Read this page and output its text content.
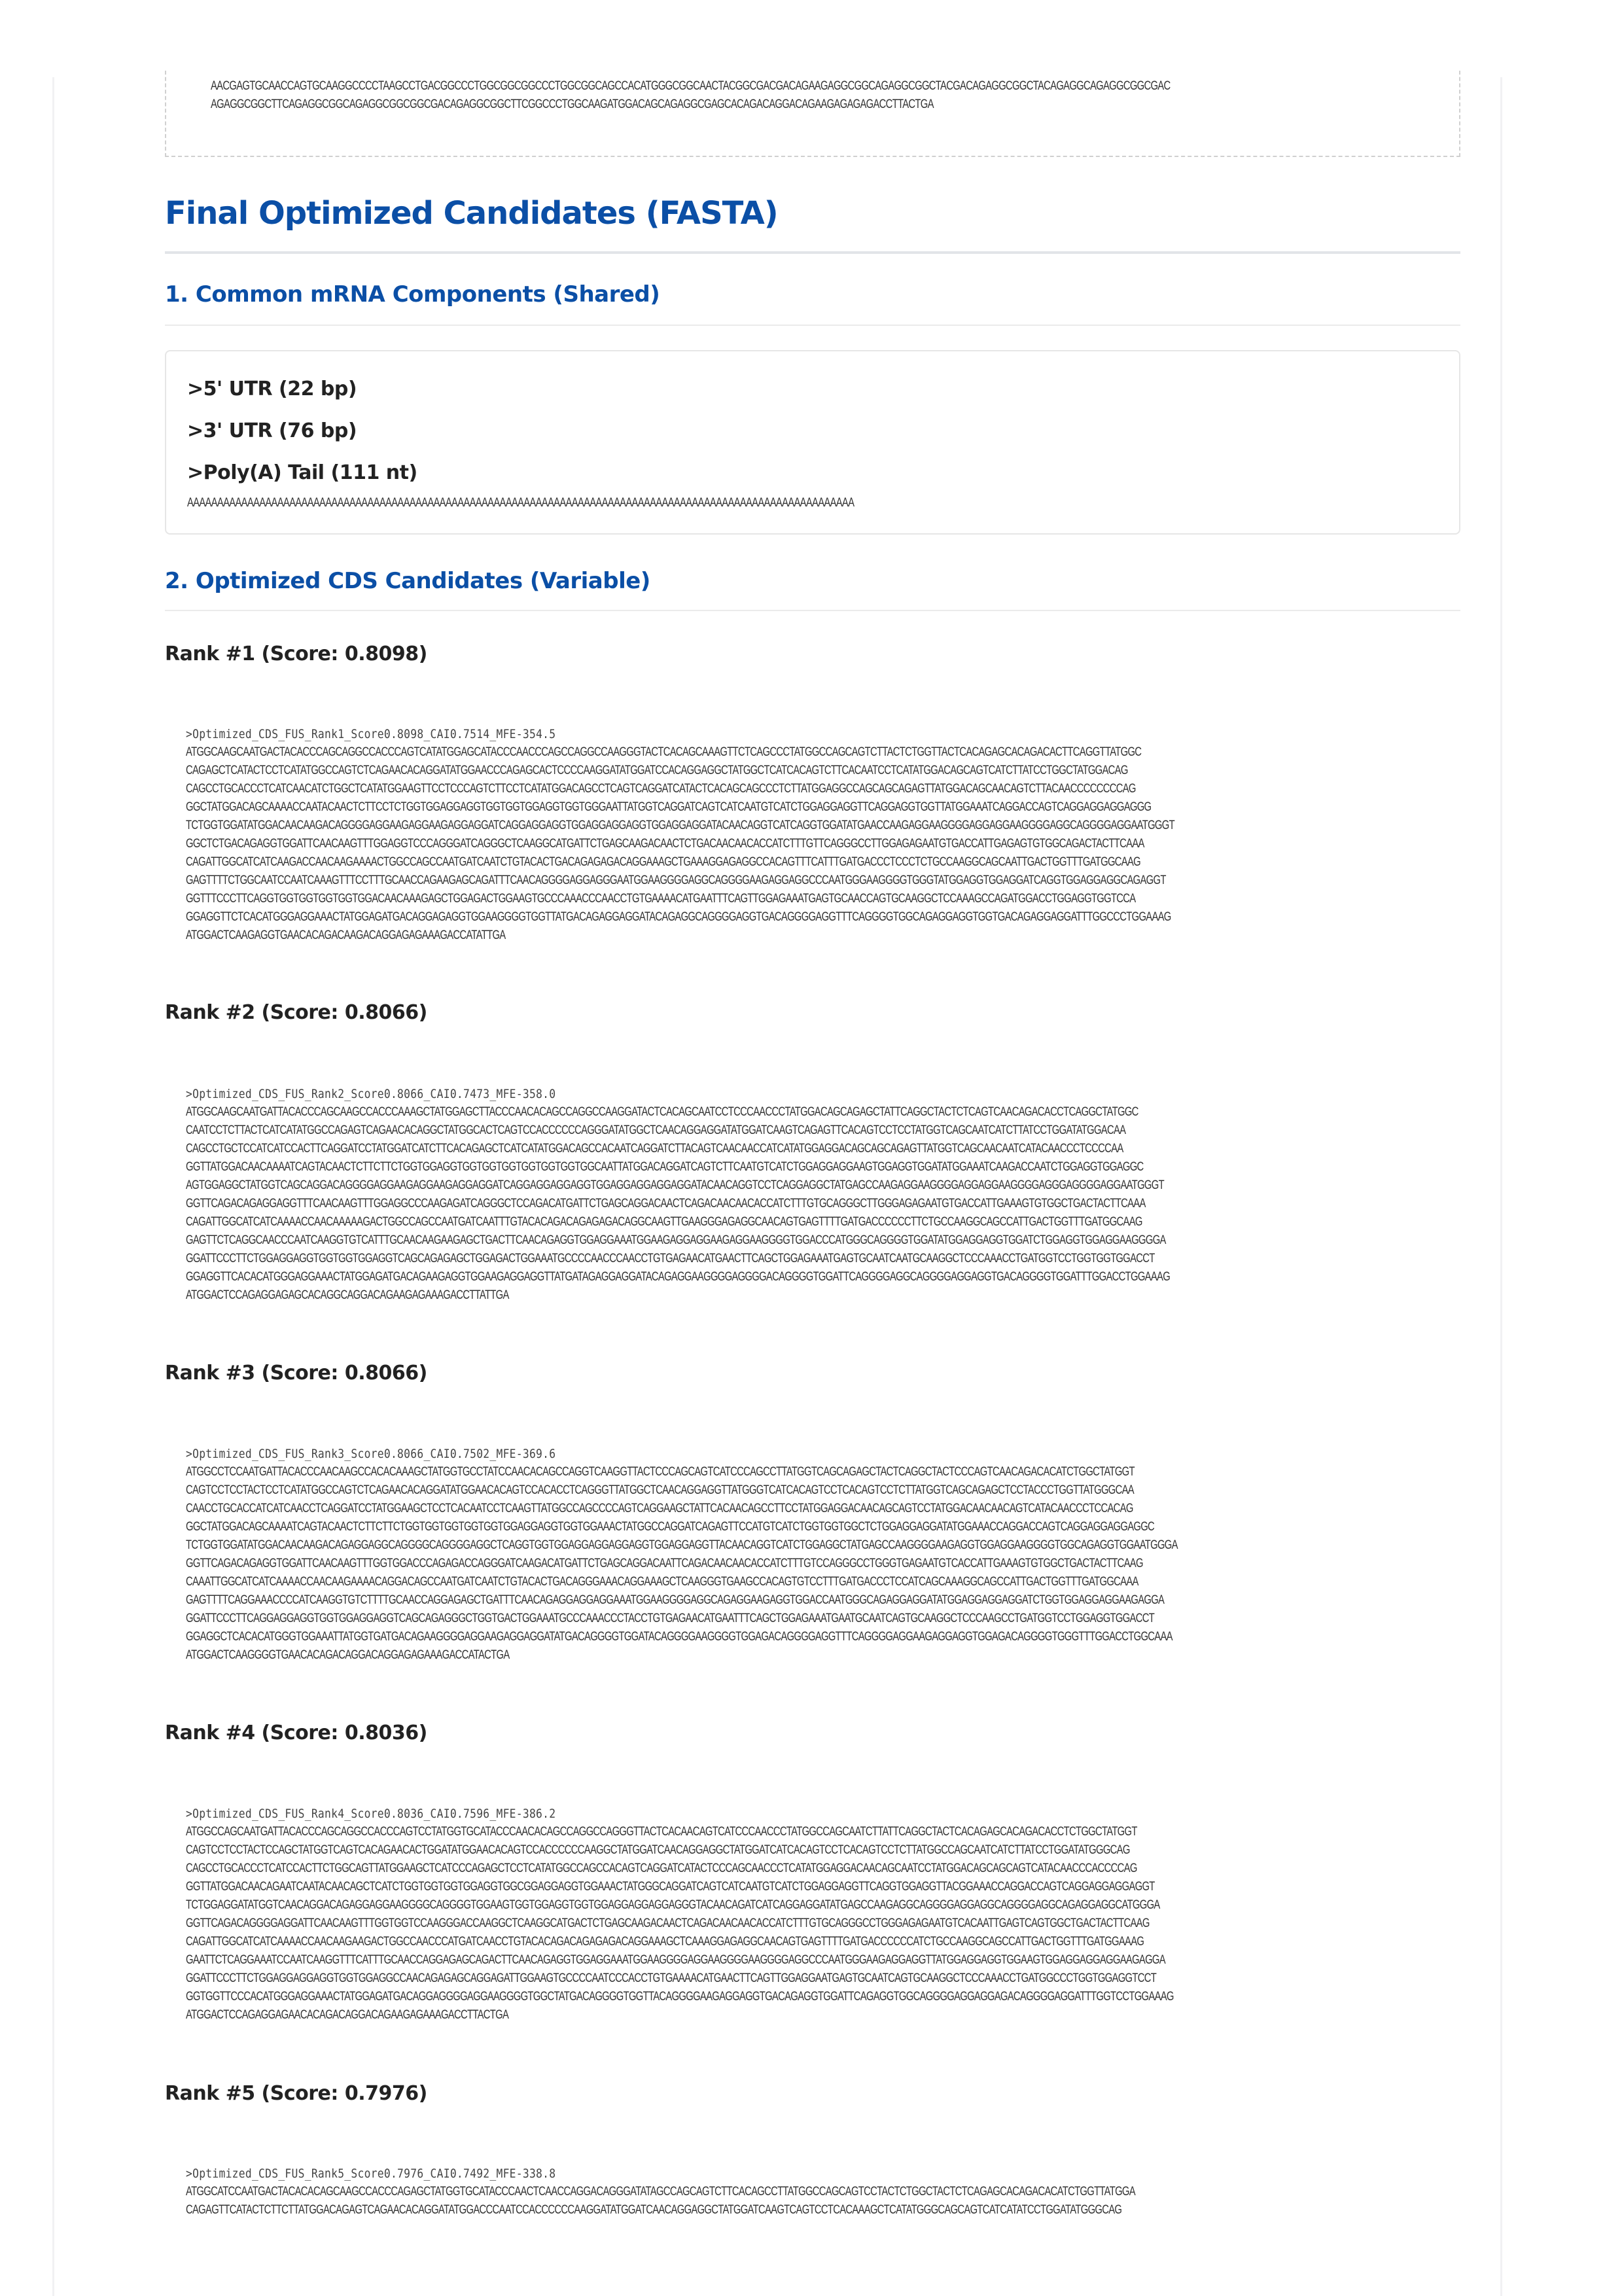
AACGAGTGCAACCAGTGCAAGGCCCCTAAGCCTGACGGCCCTGGCGGCGGCCCTGGCGGCAGCCACATGGGCGGCAACTACGGCGACGACAGAAGAGGCGGCAGAGGCGGCTACGACAGAGGCGGCTACAGAGGCAGAGGCGGCGAC
AGAGGCGGCTTCAGAGGCGGCAGAGGCGGCGGCGACAGAGGCGGCTTCGGCCCTGGCAAGATGGACAGCAGAGGCGAGCACAGACAGGACAGAAGAGAGAGACCTTACTGA
Final Optimized Candidates (FASTA)
1. Common mRNA Components (Shared)
>5' UTR (22 bp)
>3' UTR (76 bp)
>Poly(A) Tail (111 nt)
AAAAAAAAAAAAAAAAAAAAAAAAAAAAAAAAAAAAAAAAAAAAAAAAAAAAAAAAAAAAAAAAAAAAAAAAAAAAAAAAAAAAAAAAAAAAAAAAAAAAAAAAAAAAAAA
2. Optimized CDS Candidates (Variable)
Rank #1 (Score: 0.8098)
>Optimized_CDS_FUS_Rank1_Score0.8098_CAI0.7514_MFE-354.5
ATGGCAAGCAATGACTACACCCAGCAGGCCACCCAGTCATATGGAGCATACCCAACCCAGCCAGGCCAAGGGTACTCACAGCAAAGTTCTCAGCCCTATGGCCAGCAGTCTTACTCTGGTTACTCACAGAGCACAGACACTTCAGGTTATGGC
CAGAGCTCATACTCCTCATATGGCCAGTCTCAGAACACAGGATATGGAACCCAGAGCACTCCCCAAGGATATGGATCCACAGGAGGCTATGGCTCATCACAGTCTTCACAATCCTCATATGGACAGCAGTCATCTTATCCTGGCTATGGACAG
CAGCCTGCACCCTCATCAACATCTGGCTCATATGGAAGTTCCTCCCAGTCTTCCTCATATGGACAGCCTCAGTCAGGATCATACTCACAGCAGCCCTCTTATGGAGGCCAGCAGCAGAGTTATGGACAGCAACAGTCTTACAACCCCCCCCAG
GGCTATGGACAGCAAAACCAATACAACTCTTCCTCTGGTGGAGGAGGTGGTGGTGGAGGTGGTGGGAATTATGGTCAGGATCAGTCATCAATGTCATCTGGAGGAGGTTCAGGAGGTGGTTATGGAAATCAGGACCAGTCAGGAGGAGGAGGG
TCTGGTGGATATGGACAACAAGACAGGGGAGGAAGAGGAAGAGGAGGATCAGGAGGAGGTGGAGGAGGAGGTGGAGGAGGATACAACAGGTCATCAGGTGGATATGAACCAAGAGGAAGGGGAGGAGGAAGGGGAGGCAGGGGAGGAATGGGT
GGCTCTGACAGAGGTGGATTCAACAAGTTTGGAGGTCCCAGGGATCAGGGCTCAAGGCATGATTCTGAGCAAGACAACTCTGACAACAACACCATCTTTGTTCAGGGCCTTGGAGAGAATGTGACCATTGAGAGTGTGGCAGACTACTTCAAA
CAGATTGGCATCATCAAGACCAACAAGAAAACTGGCCAGCCAATGATCAATCTGTACACTGACAGAGAGACAGGAAAGCTGAAAGGAGAGGCCACAGTTTCATTTGATGACCCTCCCTCTGCCAAGGCAGCAATTGACTGGTTTGATGGCAAG
GAGTTTTCTGGCAATCCAATCAAAGTTTCCTTTGCAACCAGAAGAGCAGATTTCAACAGGGGAGGAGGGAATGGAAGGGGAGGCAGGGGAAGAGGAGGCCCAATGGGAAGGGGTGGGTATGGAGGTGGAGGATCAGGTGGAGGAGGCAGAGGT
GGTTTCCCTTCAGGTGGTGGTGGTGGTGGACAACAAAGAGCTGGAGACTGGAAGTGCCCAAACCCAACCTGTGAAAACATGAATTTCAGTTGGAGAAATGAGTGCAACCAGTGCAAGGCTCCAAAGCCAGATGGACCTGGAGGTGGTCCA
GGAGGTTCTCACATGGGAGGAAACTATGGAGATGACAGGAGAGGTGGAAGGGGTGGTTATGACAGAGGAGGATACAGAGGCAGGGGAGGTGACAGGGGAGGTTTCAGGGGTGGCAGAGGAGGTGGTGACAGAGGAGGATTTGGCCCTGGAAAG
ATGGACTCAAGAGGTGAACACAGACAAGACAGGAGAGAAAGACCATATTGA
Rank #2 (Score: 0.8066)
>Optimized_CDS_FUS_Rank2_Score0.8066_CAI0.7473_MFE-358.0
ATGGCAAGCAATGATTACACCCAGCAAGCCACCCAAAGCTATGGAGCTTACCCAACACAGCCAGGCCAAGGATACTCACAGCAATCCTCCCAACCCTATGGACAGCAGAGCTATTCAGGCTACTCTCAGTCAACAGACACCTCAGGCTATGGC
CAATCCTCTTACTCATCATATGGCCAGAGTCAGAACACAGGCTATGGCACTCAGTCCACCCCCCAGGGATATGGCTCAACAGGAGGATATGGATCAAGTCAGAGTTCACAGTCCTCCTATGGTCAGCAATCATCTTATCCTGGATATGGACAA
CAGCCTGCTCCATCATCCACTTCAGGATCCTATGGATCATCTTCACAGAGCTCATCATATGGACAGCCACAATCAGGATCTTACAGTCAACAACCATCATATGGAGGACAGCAGCAGAGTTATGGTCAGCAACAATCATACAACCCTCCCCAA
GGTTATGGACAACAAAATCAGTACAACTCTTCTTCTGGTGGAGGTGGTGGTGGTGGTGGTGGTGGCAATTATGGACAGGATCAGTCTTCAATGTCATCTGGAGGAGGAAGTGGAGGTGGATATGGAAATCAAGACCAATCTGGAGGTGGAGGC
AGTGGAGGCTATGGTCAGCAGGACAGGGGAGGAAGAGGAAGAGGAGGATCAGGAGGAGGAGGTGGAGGAGGAGGAGGATACAACAGGTCCTCAGGAGGCTATGAGCCAAGAGGAAGGGGAGGAGGAAGGGGAGGGAGGGGAGGAATGGGT
GGTTCAGACAGAGGAGGTTTCAACAAGTTTGGAGGCCCAAGAGATCAGGGCTCCAGACATGATTCTGAGCAGGACAACTCAGACAACAACACCATCTTTGTGCAGGGCTTGGGAGAGAATGTGACCATTGAAAGTGTGGCTGACTACTTCAAA
CAGATTGGCATCATCAAAACCAACAAAAAGACTGGCCAGCCAATGATCAATTTGTACACAGACAGAGAGACAGGCAAGTTGAAGGGAGAGGCAACAGTGAGTTTTGATGACCCCCCTTCTGCCAAGGCAGCCATTGACTGGTTTGATGGCAAG
GAGTTCTCAGGCAACCCAATCAAGGTGTCATTTGCAACAAGAAGAGCTGACTTCAACAGAGGTGGAGGAAATGGAAGAGGAGGAAGAGGAAGGGGTGGACCCATGGGCAGGGGTGGATATGGAGGAGGTGGATCTGGAGGTGGAGGAAGGGGA
GGATTCCCTTCTGGAGGAGGTGGTGGTGGAGGTCAGCAGAGAGCTGGAGACTGGAAATGCCCCAACCCAACCTGTGAGAACATGAACTTCAGCTGGAGAAATGAGTGCAATCAATGCAAGGCTCCCAAACCTGATGGTCCTGGTGGTGGACCT
GGAGGTTCACACATGGGAGGAAACTATGGAGATGACAGAAGAGGTGGAAGAGGAGGTTATGATAGAGGAGGATACAGAGGAAGGGGAGGGGACAGGGGTGGATTCAGGGGAGGCAGGGGAGGAGGTGACAGGGGTGGATTTGGACCTGGAAAG
ATGGACTCCAGAGGAGAGCACAGGCAGGACAGAAGAGAAAGACCTTATTGA
Rank #3 (Score: 0.8066)
>Optimized_CDS_FUS_Rank3_Score0.8066_CAI0.7502_MFE-369.6
ATGGCCTCCAATGATTACACCCAACAAGCCACACAAAGCTATGGTGCCTATCCAACACAGCCAGGTCAAGGTTACTCCCAGCAGTCATCCCAGCCTTATGGTCAGCAGAGCTACTCAGGCTACTCCCAGTCAACAGACACATCTGGCTATGGT
CAGTCCTCCTACTCCTCATATGGCCAGTCTCAGAACACAGGATATGGAACACAGTCCACACCTCAGGGTTATGGCTCAACAGGAGGTTATGGGTCATCACAGTCCTCACAGTCCTCTTATGGTCAGCAGAGCTCCTACCCTGGTTATGGGCAA
CAACCTGCACCATCATCAACCTCAGGATCCTATGGAAGCTCCTCACAATCCTCAAGTTATGGCCAGCCCCAGTCAGGAAGCTATTCACAACAGCCTTCCTATGGAGGACAACAGCAGTCCTATGGACAACAACAGTCATACAACCCTCCACAG
GGCTATGGACAGCAAAATCAGTACAACTCTTCTTCTGGTGGTGGTGGTGGTGGAGGAGGTGGTGGAAACTATGGCCAGGATCAGAGTTCCATGTCATCTGGTGGTGGCTCTGGAGGAGGATATGGAAACCAGGACCAGTCAGGAGGAGGAGGC
TCTGGTGGATATGGACAACAAGACAGAGGAGGCAGGGGCAGGGGAGGCTCAGGTGGTGGAGGAGGAGGAGGTGGAGGAGGTTACAACAGGTCATCTGGAGGCTATGAGCCAAGGGGAAGAGGTGGAGGAAGGGGTGGCAGAGGTGGAATGGGA
GGTTCAGACAGAGGTGGATTCAACAAGTTTGGTGGACCCAGAGACCAGGGATCAAGACATGATTCTGAGCAGGACAATTCAGACAACAACACCATCTTTGTCCAGGGCCTGGGTGAGAATGTCACCATTGAAAGTGTGGCTGACTACTTCAAG
CAAATTGGCATCATCAAAACCAACAAGAAAACAGGACAGCCAATGATCAATCTGTACACTGACAGGGAAACAGGAAAGCTCAAGGGTGAAGCCACAGTGTCCTTTGATGACCCTCCATCAGCAAAGGCAGCCATTGACTGGTTTGATGGCAAA
GAGTTTTCAGGAAACCCCATCAAGGTGTCTTTTGCAACCAGGAGAGCTGATTTCAACAGAGGAGGAGGAAATGGAAGGGGAGGCAGAGGAAGAGGTGGACCAATGGGCAGAGGAGGATATGGAGGAGGAGGATCTGGTGGAGGAGGAAGAGGA
GGATTCCCTTCAGGAGGAGGTGGTGGAGGAGGTCAGCAGAGGGCTGGTGACTGGAAATGCCCAAACCCTACCTGTGAGAACATGAATTTCAGCTGGAGAAATGAATGCAATCAGTGCAAGGCTCCCAAGCCTGATGGTCCTGGAGGTGGACCT
GGAGGCTCACACATGGGTGGAAATTATGGTGATGACAGAAGGGGAGGAAGAGGAGGATATGACAGGGGTGGATACAGGGGAAGGGGTGGAGACAGGGGAGGTTTCAGGGGAGGAAGAGGAGGTGGAGACAGGGGTGGGTTTGGACCTGGCAAA
ATGGACTCAAGGGGTGAACACAGACAGGACAGGAGAGAAAGACCATACTGA
Rank #4 (Score: 0.8036)
>Optimized_CDS_FUS_Rank4_Score0.8036_CAI0.7596_MFE-386.2
ATGGCCAGCAATGATTACACCCAGCAGGCCACCCAGTCCTATGGTGCATACCCAACACAGCCAGGCCAGGGTTACTCACAACAGTCATCCCAACCCTATGGCCAGCAATCTTATTCAGGCTACTCACAGAGCACAGACACCTCTGGCTATGGT
CAGTCCTCCTACTCCAGCTATGGTCAGTCACAGAACACTGGATATGGAACACAGTCCACCCCCCAAGGCTATGGATCAACAGGAGGCTATGGATCATCACAGTCCTCACAGTCCTCTTATGGCCAGCAATCATCTTATCCTGGATATGGGCAG
CAGCCTGCACCCTCATCCACTTCTGGCAGTTATGGAAGCTCATCCCAGAGCTCCTCATATGGCCAGCCACAGTCAGGATCATACTCCCAGCAACCCTCATATGGAGGACAACAGCAATCCTATGGACAGCAGCAGTCATACAACCCACCCCAG
GGTTATGGACAACAGAATCAATACAACAGCTCATCTGGTGGTGGTGGAGGTGGCGGAGGAGGTGGAAACTATGGGCAGGATCAGTCATCAATGTCATCTGGAGGAGGTTCAGGTGGAGGTTACGGAAACCAGGACCAGTCAGGAGGAGGAGGT
TCTGGAGGATATGGTCAACAGGACAGAGGAGGAAGGGGCAGGGGTGGAAGTGGTGGAGGTGGTGGAGGAGGAGGAGGGTACAACAGATCATCAGGAGGATATGAGCCAAGAGGCAGGGGAGGAGGCAGGGGAGGCAGAGGAGGCATGGGA
GGTTCAGACAGGGGAGGATTCAACAAGTTTGGTGGTCCAAGGGACCAAGGCTCAAGGCATGACTCTGAGCAAGACAACTCAGACAACAACACCATCTTTGTGCAGGGCCTGGGAGAGAATGTCACAATTGAGTCAGTGGCTGACTACTTCAAG
CAGATTGGCATCATCAAAACCAACAAGAAGACTGGCCAACCCATGATCAACCTGTACACAGACAGAGAGACAGGAAAGCTCAAAGGAGAGGCAACAGTGAGTTTTGATGACCCCCCATCTGCCAAGGCAGCCATTGACTGGTTTGATGGAAAG
GAATTCTCAGGAAATCCAATCAAGGTTTCATTTGCAACCAGGAGAGCAGACTTCAACAGAGGTGGAGGAAATGGAAGGGGAGGAAGGGGAAGGGGAGGCCCAATGGGAAGAGGAGGTTATGGAGGAGGTGGAAGTGGAGGAGGAGGAAGAGGA
GGATTCCCTTCTGGAGGAGGAGGTGGTGGAGGCCAACAGAGAGCAGGAGATTGGAAGTGCCCCAATCCCACCTGTGAAAACATGAACTTCAGTTGGAGGAATGAGTGCAATCAGTGCAAGGCTCCCAAACCTGATGGCCCTGGTGGAGGTCCT
GGTGGTTCCCACATGGGAGGAAACTATGGAGATGACAGGAGGGGAGGAAGGGGTGGCTATGACAGGGGTGGTTACAGGGGAAGAGGAGGTGACAGAGGTGGATTCAGAGGTGGCAGGGGAGGAGGAGACAGGGGAGGATTTGGTCCTGGAAAG
ATGGACTCCAGAGGAGAACACAGACAGGACAGAAGAGAAAGACCTTACTGA
Rank #5 (Score: 0.7976)
>Optimized_CDS_FUS_Rank5_Score0.7976_CAI0.7492_MFE-338.8
ATGGCATCCAATGACTACACACAGCAAGCCACCCAGAGCTATGGTGCATACCCAACTCAACCAGGACAGGGATATAGCCAGCAGTCTTCACAGCCTTATGGCCAGCAGTCCTACTCTGGCTACTCTCAGAGCACAGACACATCTGGTTATGGA
CAGAGTTCATACTCTTCTTATGGACAGAGTCAGAACACAGGATATGGACCCAATCCACCCCCCAAGGATATGGATCAACAGGAGGCTATGGATCAAGTCAGTCCTCACAAAGCTCATATGGGCAGCAGTCATCATATCCTGGATATGGGCAG
